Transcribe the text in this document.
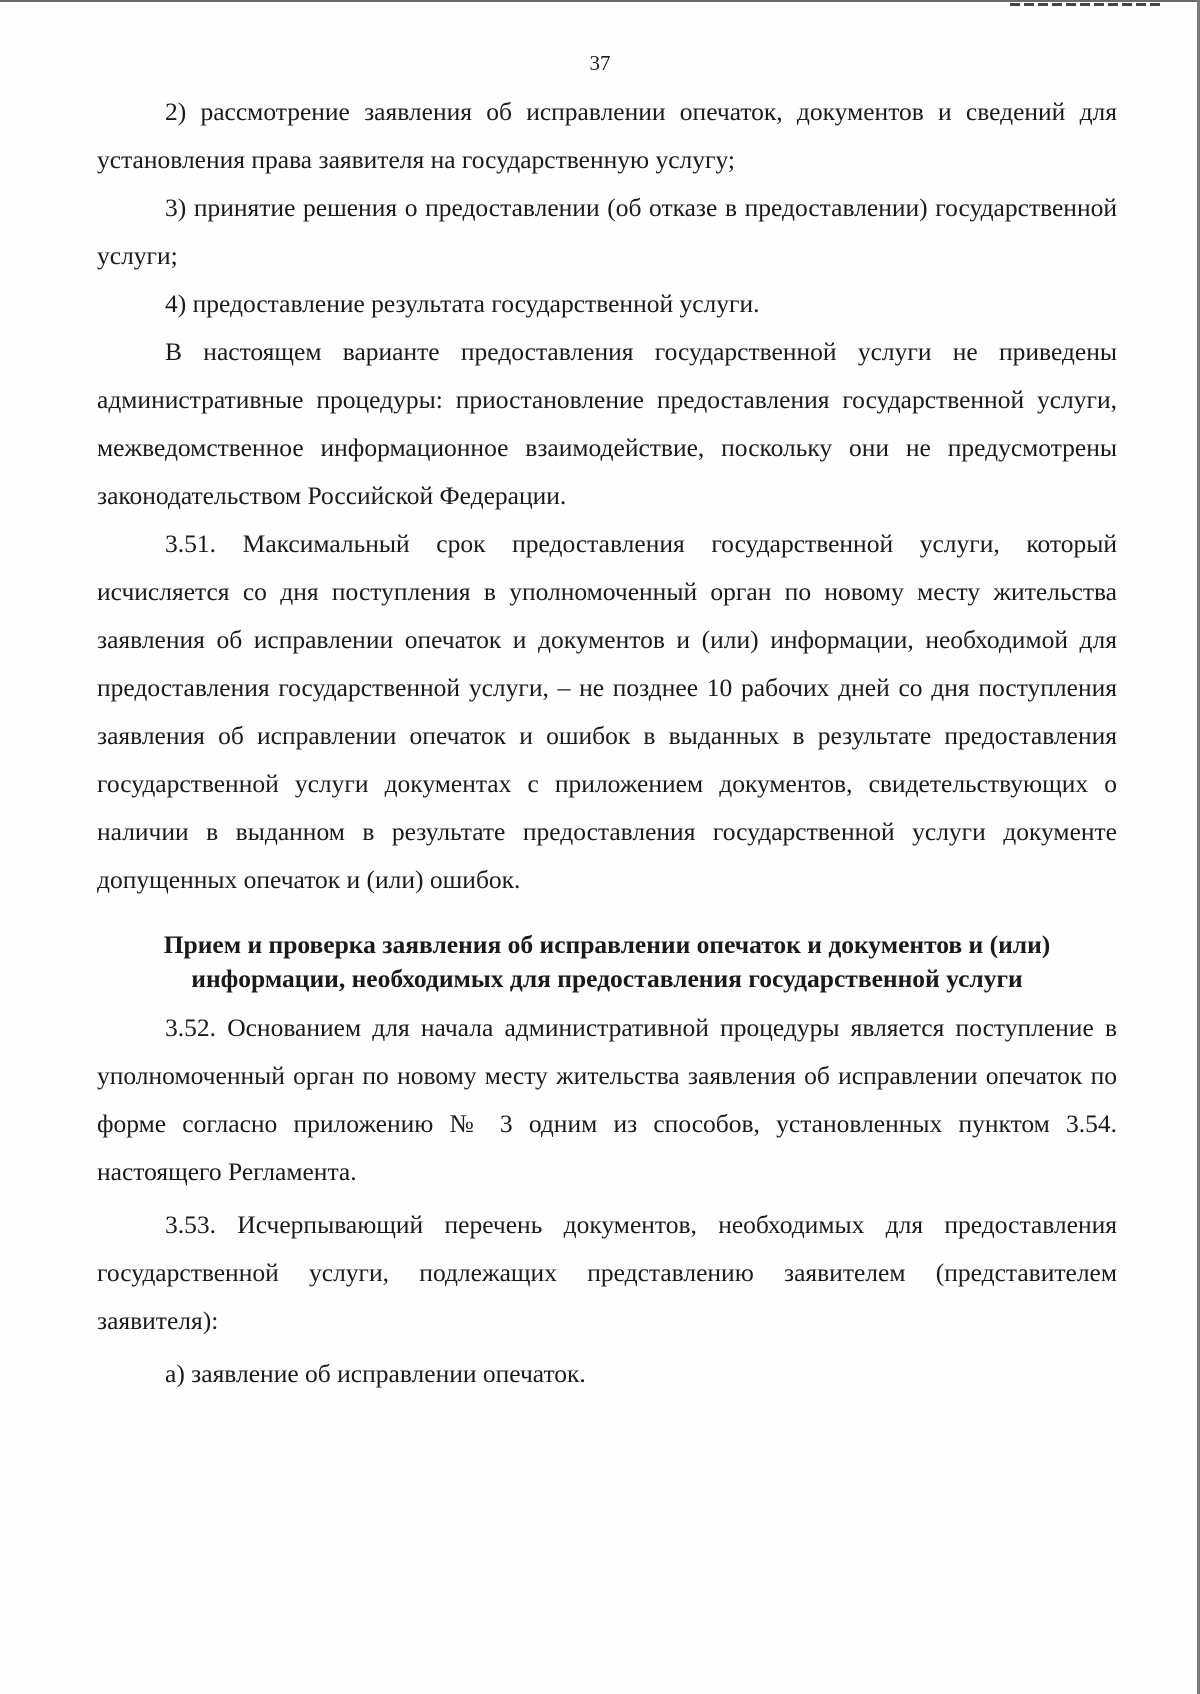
37

2) рассмотрение заявления об исправлении опечаток, документов и сведений для установления права заявителя на государственную услугу;

3) принятие решения о предоставлении (об отказе в предоставлении) государственной услуги;

4) предоставление результата государственной услуги.

В настоящем варианте предоставления государственной услуги не приведены административные процедуры: приостановление предоставления государственной услуги, межведомственное информационное взаимодействие, поскольку они не предусмотрены законодательством Российской Федерации.

3.51. Максимальный срок предоставления государственной услуги, который исчисляется со дня поступления в уполномоченный орган по новому месту жительства заявления об исправлении опечаток и документов и (или) информации, необходимой для предоставления государственной услуги, – не позднее 10 рабочих дней со дня поступления заявления об исправлении опечаток и ошибок в выданных в результате предоставления государственной услуги документах с приложением документов, свидетельствующих о наличии в выданном в результате предоставления государственной услуги документе допущенных опечаток и (или) ошибок.

Прием и проверка заявления об исправлении опечаток и документов и (или) информации, необходимых для предоставления государственной услуги

3.52. Основанием для начала административной процедуры является поступление в уполномоченный орган по новому месту жительства заявления об исправлении опечаток по форме согласно приложению № 3 одним из способов, установленных пунктом 3.54. настоящего Регламента.

3.53. Исчерпывающий перечень документов, необходимых для предоставления государственной услуги, подлежащих представлению заявителем (представителем заявителя):

а) заявление об исправлении опечаток.
